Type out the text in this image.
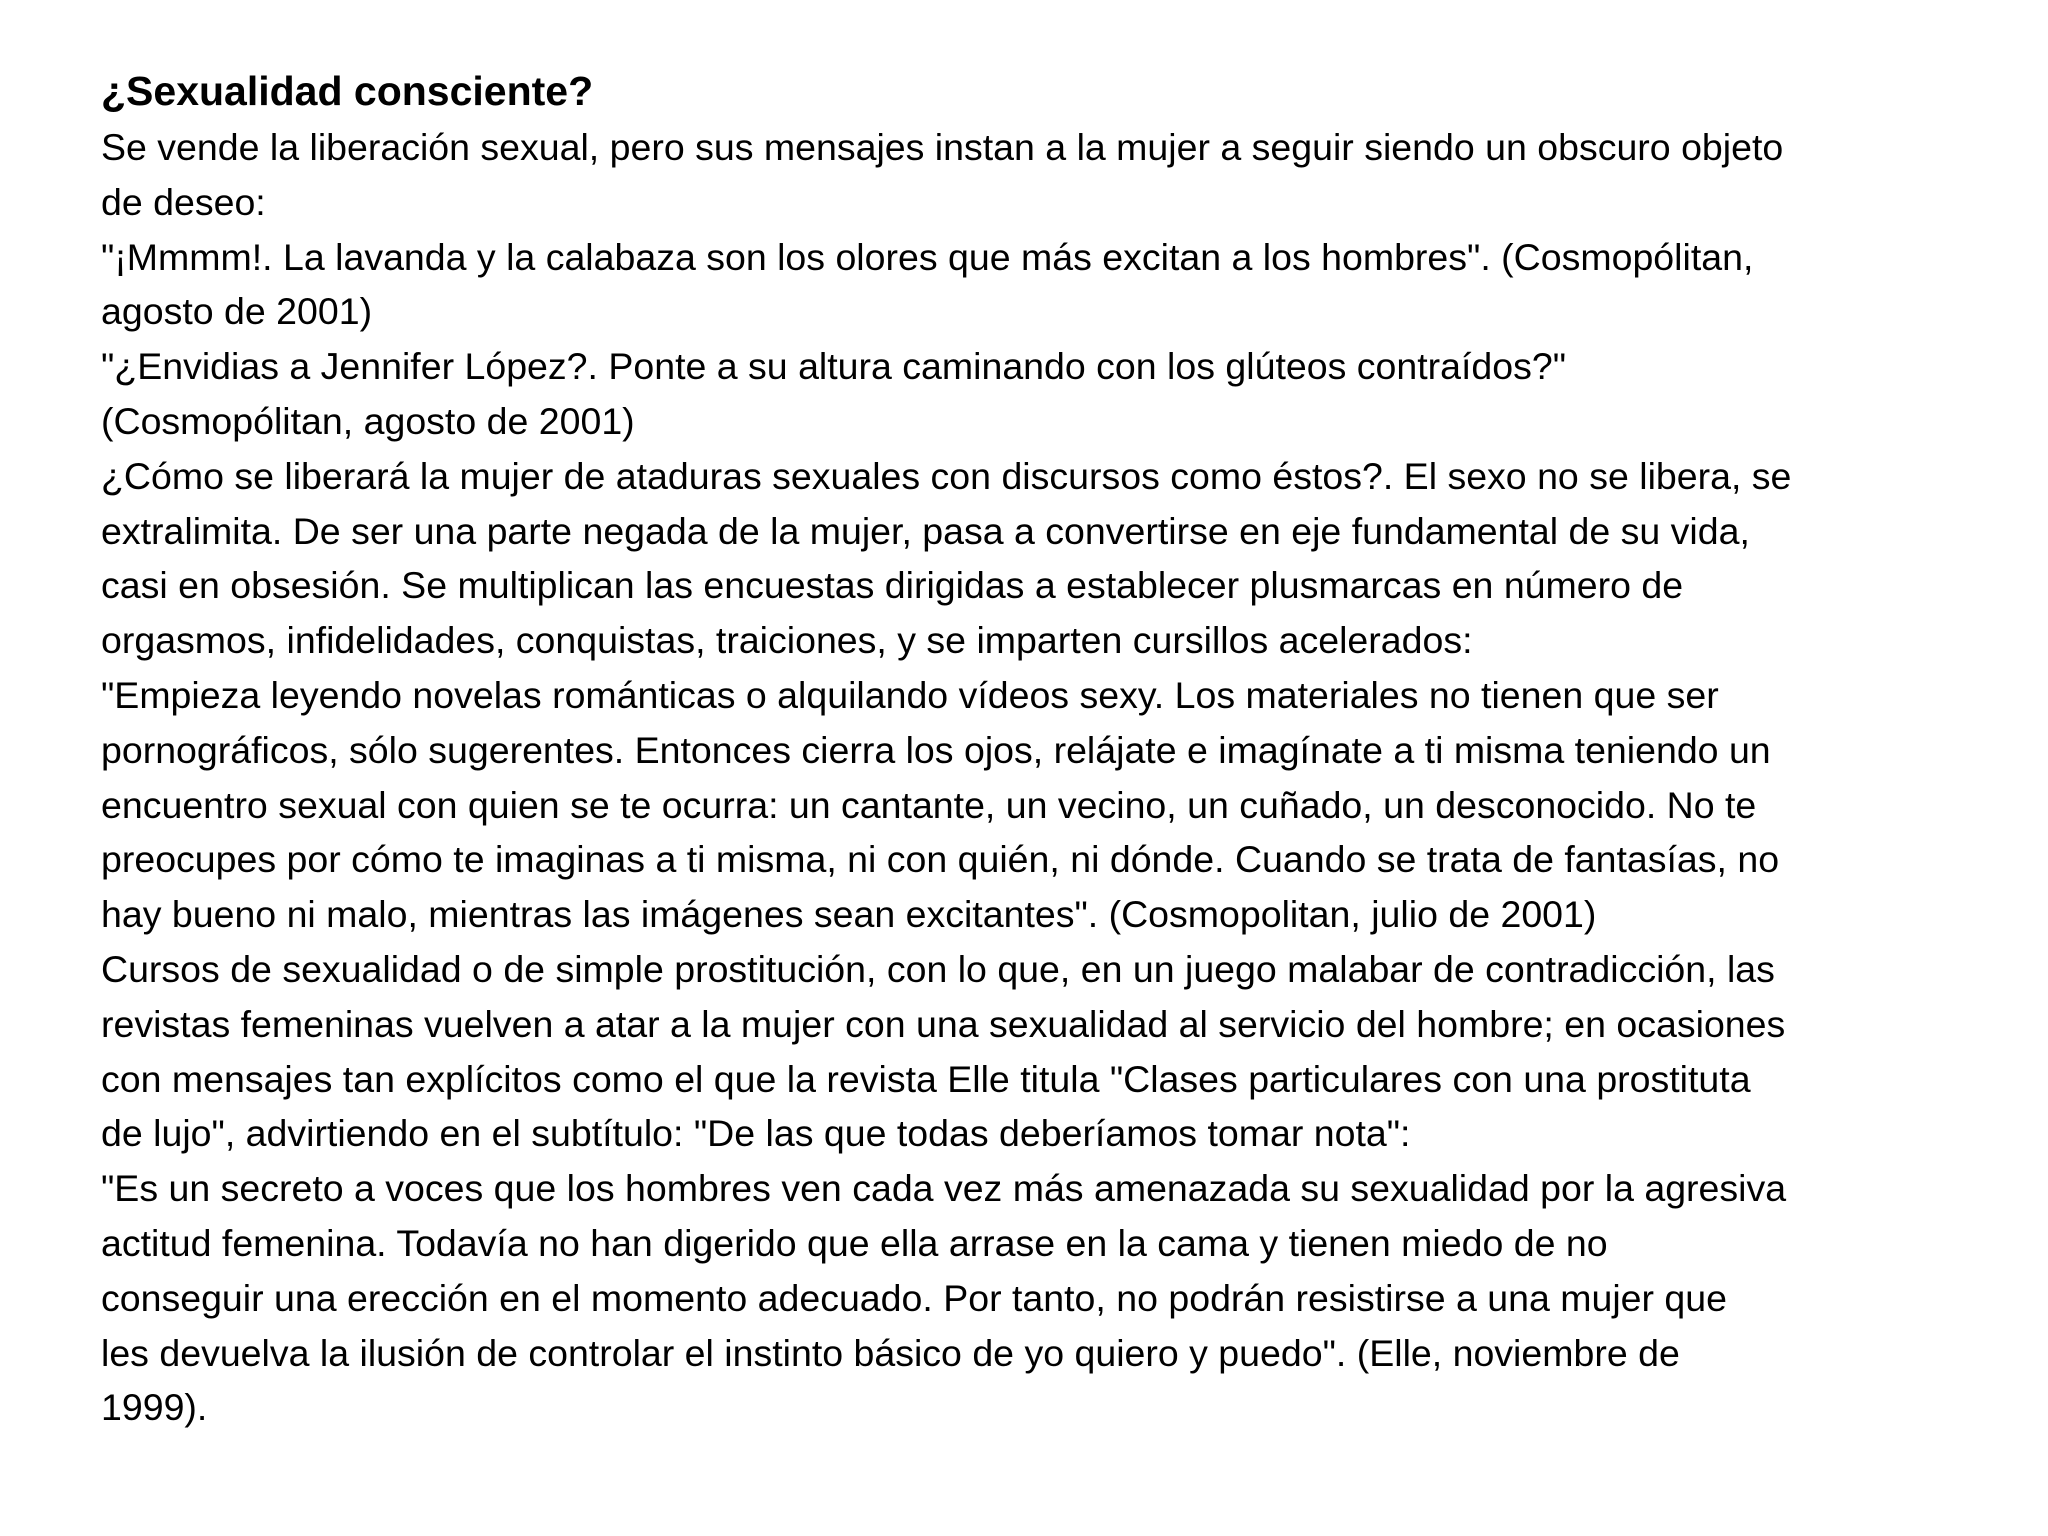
¿Sexualidad consciente?

Se vende la liberación sexual, pero sus mensajes instan a la mujer a seguir siendo un obscuro objeto
de deseo:

"¡Mmmm!. La lavanda y la calabaza son los olores que más excitan a los hombres". (Cosmopólitan,
agosto de 2001)

"¿Envidias a Jennifer López?. Ponte a su altura caminando con los glúteos contraídos?"
(Cosmopólitan, agosto de 2001)

¿Cómo se liberará la mujer de ataduras sexuales con discursos como éstos?. El sexo no se libera, se
extralimita. De ser una parte negada de la mujer, pasa a convertirse en eje fundamental de su vida,
casi en obsesión. Se multiplican las encuestas dirigidas a establecer plusmarcas en número de
orgasmos, infidelidades, conquistas, traiciones, y se imparten cursillos acelerados:

"Empieza leyendo novelas románticas o alquilando vídeos sexy. Los materiales no tienen que ser
pornográficos, sólo sugerentes. Entonces cierra los ojos, relájate e imagínate a ti misma teniendo un
encuentro sexual con quien se te ocurra: un cantante, un vecino, un cuñado, un desconocido. No te
preocupes por cómo te imaginas a ti misma, ni con quién, ni dónde. Cuando se trata de fantasías, no
hay bueno ni malo, mientras las imágenes sean excitantes". (Cosmopolitan, julio de 2001)

Cursos de sexualidad o de simple prostitución, con lo que, en un juego malabar de contradicción, las
revistas femeninas vuelven a atar a la mujer con una sexualidad al servicio del hombre; en ocasiones
con mensajes tan explícitos como el que la revista Elle titula "Clases particulares con una prostituta
de lujo", advirtiendo en el subtítulo: "De las que todas deberíamos tomar nota":

"Es un secreto a voces que los hombres ven cada vez más amenazada su sexualidad por la agresiva
actitud femenina. Todavía no han digerido que ella arrase en la cama y tienen miedo de no
conseguir una erección en el momento adecuado. Por tanto, no podrán resistirse a una mujer que
les devuelva la ilusión de controlar el instinto básico de yo quiero y puedo". (Elle, noviembre de
1999).
